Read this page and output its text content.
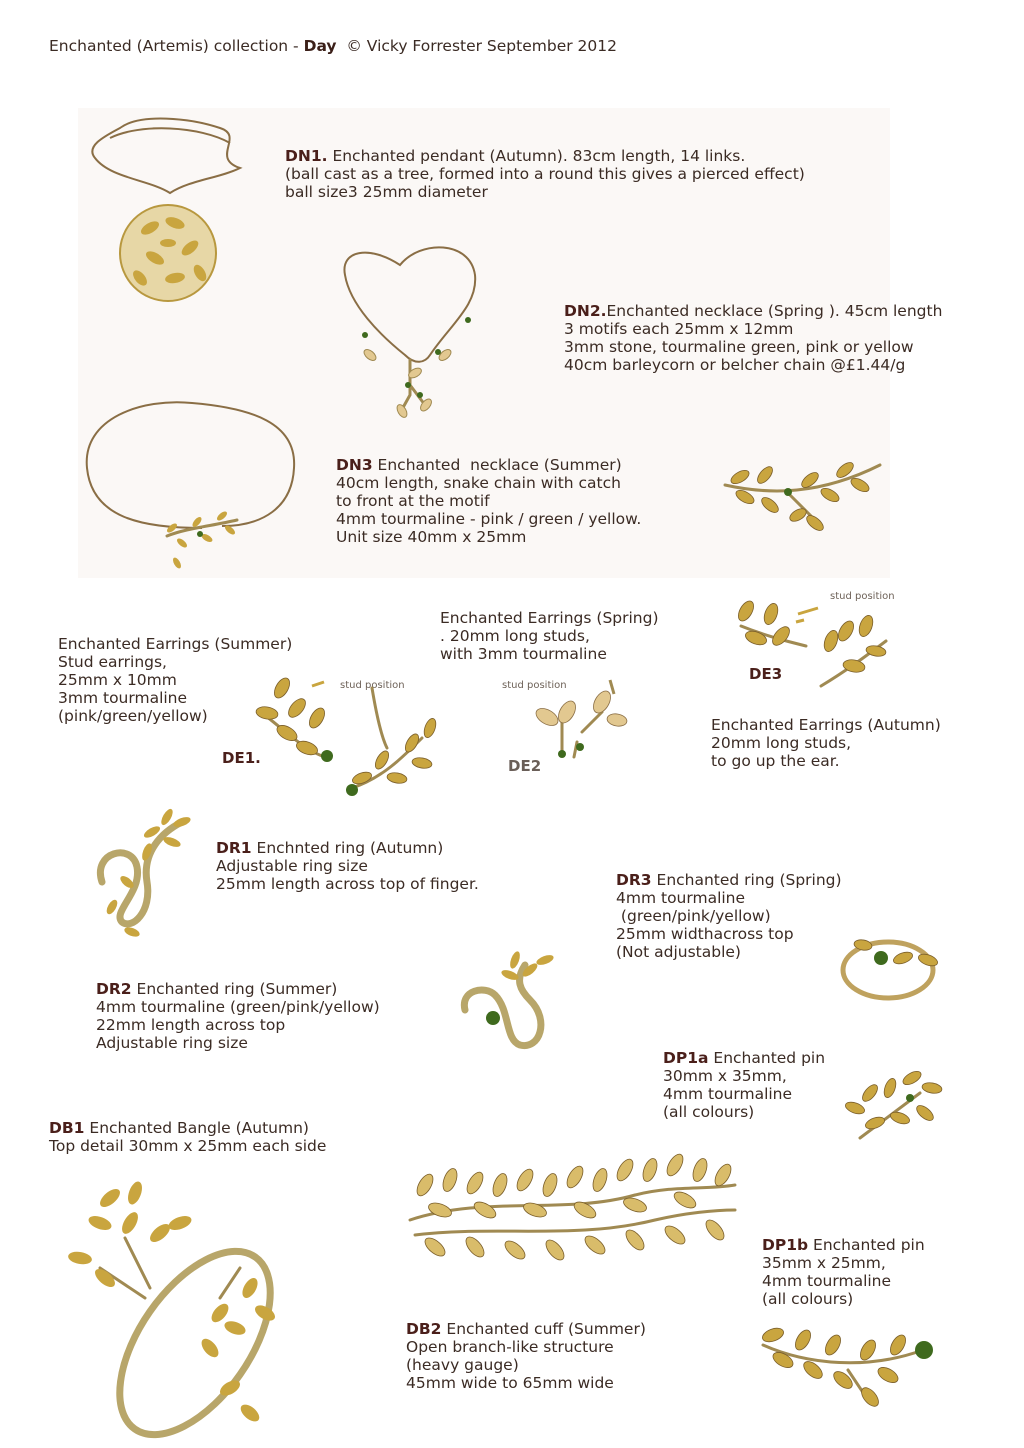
Enchanted (Artemis) collection - Day  © Vicky Forrester September 2012
DN1. Enchanted pendant (Autumn). 83cm length, 14 links.
(ball cast as a tree, formed into a round this gives a pierced effect)
ball size3 25mm diameter
DN2.Enchanted necklace (Spring ). 45cm length
3 motifs each 25mm x 12mm
3mm stone, tourmaline green, pink or yellow
40cm barleycorn or belcher chain @£1.44/g
DN3 Enchanted  necklace (Summer)
40cm length, snake chain with catch
to front at the motif
4mm tourmaline - pink / green / yellow.
Unit size 40mm x 25mm
Enchanted Earrings (Summer)
Stud earrings,
25mm x 10mm
3mm tourmaline
(pink/green/yellow)
Enchanted Earrings (Spring)
. 20mm long studs,
with 3mm tourmaline
Enchanted Earrings (Autumn)
20mm long studs,
to go up the ear.
DE1.	DE2
DE3
stud position	stud position
stud position
DR1 Enchnted ring (Autumn)
Adjustable ring size
25mm length across top of finger.	DR3 Enchanted ring (Spring)
4mm tourmaline
(green/pink/yellow)
25mm widthacross top
(Not adjustable)
DR2 Enchanted ring (Summer)
4mm tourmaline (green/pink/yellow)
22mm length across top
Adjustable ring size
DP1a Enchanted pin
30mm x 35mm,
4mm tourmaline
(all colours)
DB1 Enchanted Bangle (Autumn)
Top detail 30mm x 25mm each side
DB2 Enchanted cuff (Summer)
Open branch-like structure
(heavy gauge)
45mm wide to 65mm wide
DP1b Enchanted pin
35mm x 25mm,
4mm tourmaline
(all colours)
